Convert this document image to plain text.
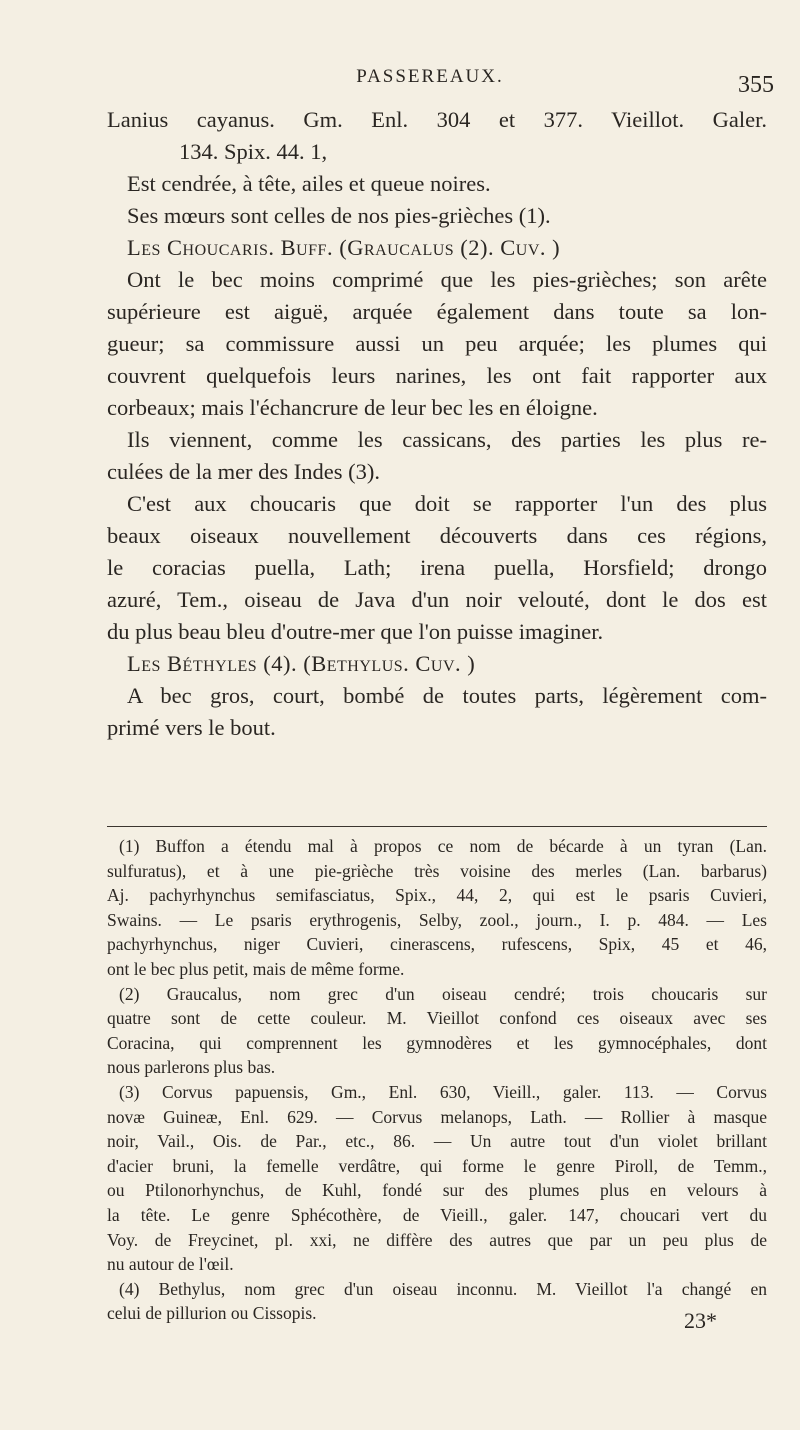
PASSEREAUX.	355
Lanius cayanus. Gm. Enl. 304 et 377. Vieillot. Galer.
134. Spix. 44. 1,
Est cendrée, à tête, ailes et queue noires.
Ses mœurs sont celles de nos pies-grièches (1).
Les Choucaris. Buff. (Graucalus (2). Cuv. )
Ont le bec moins comprimé que les pies-grièches; son arête
supérieure est aiguë, arquée également dans toute sa lon-
gueur; sa commissure aussi un peu arquée; les plumes qui
couvrent quelquefois leurs narines, les ont fait rapporter aux
corbeaux; mais l'échancrure de leur bec les en éloigne.
Ils viennent, comme les cassicans, des parties les plus re-
culées de la mer des Indes (3).
C'est aux choucaris que doit se rapporter l'un des plus
beaux oiseaux nouvellement découverts dans ces régions,
le coracias puella, Lath; irena puella, Horsfield; drongo
azuré, Tem., oiseau de Java d'un noir velouté, dont le dos est
du plus beau bleu d'outre-mer que l'on puisse imaginer.
Les Béthyles (4). (Bethylus. Cuv. )
A bec gros, court, bombé de toutes parts, légèrement com-
primé vers le bout.
(1) Buffon a étendu mal à propos ce nom de bécarde à un tyran (Lan.
sulfuratus), et à une pie-grièche très voisine des merles (Lan. barbarus)
Aj. pachyrhynchus semifasciatus, Spix., 44, 2, qui est le psaris Cuvieri,
Swains. — Le psaris erythrogenis, Selby, zool., journ., I. p. 484. — Les
pachyrhynchus, niger Cuvieri, cinerascens, rufescens, Spix, 45 et 46,
ont le bec plus petit, mais de même forme.
(2) Graucalus, nom grec d'un oiseau cendré; trois choucaris sur
quatre sont de cette couleur. M. Vieillot confond ces oiseaux avec ses
Coracina, qui comprennent les gymnodères et les gymnocéphales, dont
nous parlerons plus bas.
(3) Corvus papuensis, Gm., Enl. 630, Vieill., galer. 113. — Corvus
novæ Guineæ, Enl. 629. — Corvus melanops, Lath. — Rollier à masque
noir, Vail., Ois. de Par., etc., 86. — Un autre tout d'un violet brillant
d'acier bruni, la femelle verdâtre, qui forme le genre Piroll, de Temm.,
ou Ptilonorhynchus, de Kuhl, fondé sur des plumes plus en velours à
la tête. Le genre Sphécothère, de Vieill., galer. 147, choucari vert du
Voy. de Freycinet, pl. xxi, ne diffère des autres que par un peu plus de
nu autour de l'œil.
(4) Bethylus, nom grec d'un oiseau inconnu. M. Vieillot l'a changé en
celui de pillurion ou Cissopis.	23*
